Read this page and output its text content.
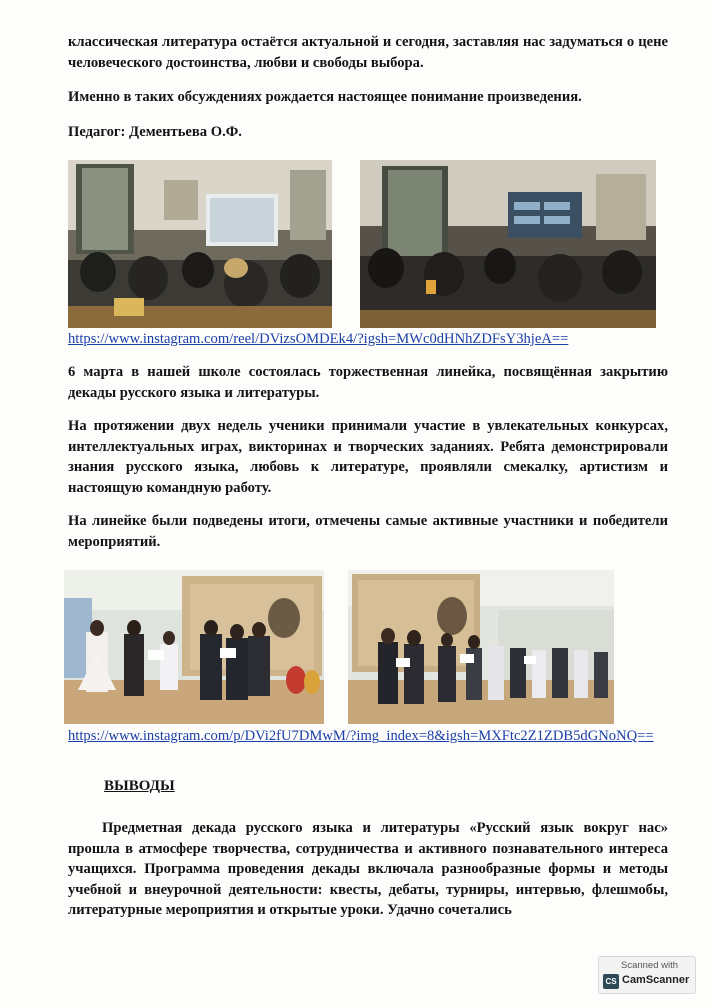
классическая литература остаётся актуальной и сегодня, заставляя нас задуматься о цене человеческого достоинства, любви и свободы выбора.

Именно в таких обсуждениях рождается настоящее понимание произведения.

Педагог: Дементьева О.Ф.

https://www.instagram.com/reel/DVizsOMDEk4/?igsh=MWc0dHNhZDFsY3hjeA==

6 марта в нашей школе состоялась торжественная линейка, посвящённая закрытию декады русского языка и литературы.

На протяжении двух недель ученики принимали участие в увлекательных конкурсах, интеллектуальных играх, викторинах и творческих заданиях. Ребята демонстрировали знания русского языка, любовь к литературе, проявляли смекалку, артистизм и настоящую командную работу.

На линейке были подведены итоги, отмечены самые активные участники и победители мероприятий.

https://www.instagram.com/p/DVi2fU7DMwM/?img_index=8&igsh=MXFtc2Z1ZDB5dGNoNQ==
ВЫВОДЫ

Предметная декада русского языка и литературы «Русский язык вокруг нас» прошла в атмосфере творчества, сотрудничества и активного познавательного интереса учащихся. Программа проведения декады включала разнообразные формы и методы учебной и внеурочной деятельности: квесты, дебаты, турниры, интервью, флешмобы, литературные мероприятия и открытые уроки. Удачно сочетались

Scanned with
CS CamScanner
